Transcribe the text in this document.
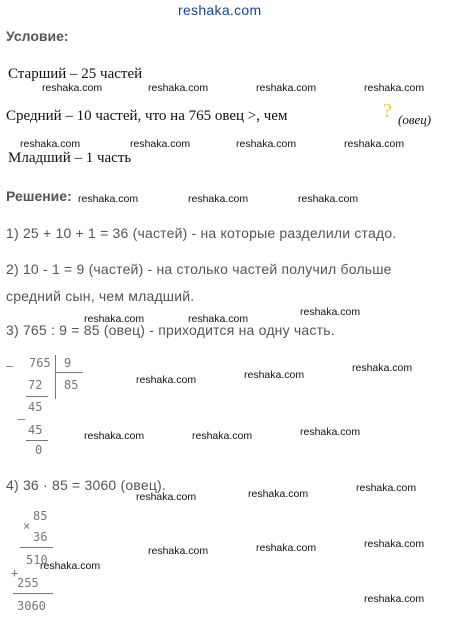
reshaka.com
Условие:
Старший – 25 частей
Средний – 10 частей, что на 765 овец >, чем	? (овец)
Младший – 1 часть
Решение:
1) 25 + 10 + 1 = 36 (частей) - на которые разделили стадо.
2) 10 - 1 = 9 (частей) - на столько частей получил больше
средний сын, чем младший.
3) 765 : 9 = 85 (овец) - приходится на одну часть.
4) 36 · 85 = 3060 (овец).
– 765 9
85
72
45
–
45
0
85
×
36
510
+
255
3060
reshaka.com	reshaka.com	reshaka.com	reshaka.com
reshaka.com	reshaka.com	reshaka.com	reshaka.com
reshaka.com	reshaka.com	reshaka.com
reshaka.com
reshaka.com	reshaka.com
reshaka.com
reshaka.com
reshaka.com
reshaka.com
reshaka.com	reshaka.com
reshaka.com
reshaka.com
reshaka.com
reshaka.com
reshaka.com
reshaka.com
reshaka.com
reshaka.com
